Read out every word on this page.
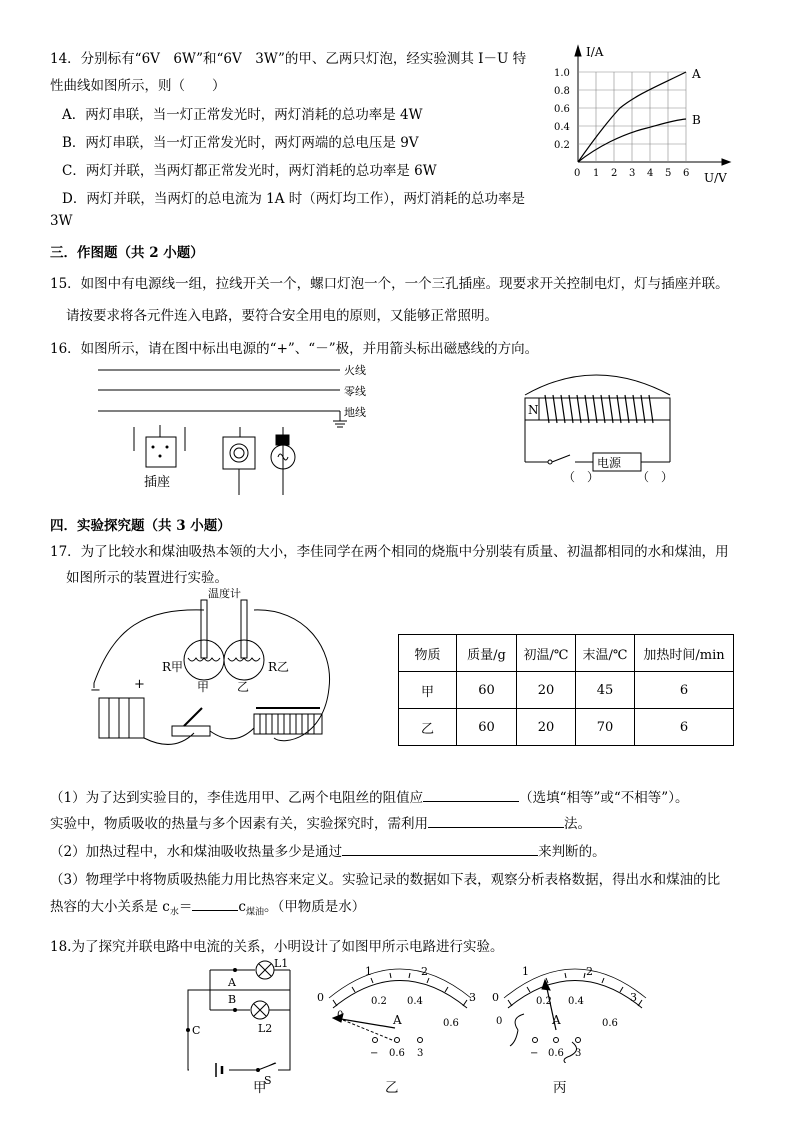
14．分别标有“6V　6W”和“6V　3W”的甲、乙两只灯泡，经实验测其 I－U 特
性曲线如图所示，则（　　）
A．两灯串联，当一灯正常发光时，两灯消耗的总功率是 4W
B．两灯串联，当一灯正常发光时，两灯两端的总电压是 9V
C．两灯并联，当两灯都正常发光时，两灯消耗的总功率是 6W
D．两灯并联，当两灯的总电流为 1A 时（两灯均工作），两灯消耗的总功率是
3W
I/A
U/V
1.0
0.8
0.6
0.4
0.2
0 1 2 3 4 5 6
A
B
三．作图题（共 2 小题）
15．如图中有电源线一组，拉线开关一个，螺口灯泡一个，一个三孔插座。现要求开关控制电灯，灯与插座并联。
请按要求将各元件连入电路，要符合安全用电的原则，又能够正常照明。
16．如图所示，请在图中标出电源的“+”、“－”极，并用箭头标出磁感线的方向。
火线
零线
地线
插座
N
电源
（　）	（　）
四．实验探究题（共 3 小题）
17．为了比较水和煤油吸热本领的大小，李佳同学在两个相同的烧瓶中分别装有质量、初温都相同的水和煤油，用
如图所示的装置进行实验。
温度计
R甲	R乙
甲 乙
−	+
物质	质量/g	初温/℃	末温/℃	加热时间/min
甲	60	20	45	6
乙	60	20	70	6
（1）为了达到实验目的，李佳选用甲、乙两个电阻丝的阻值应	（选填“相等”或“不相等”）。
实验中，物质吸收的热量与多个因素有关，实验探究时，需利用	法。
（2）加热过程中，水和煤油吸收热量多少是通过	来判断的。
（3）物理学中将物质吸热能力用比热容来定义。实验记录的数据如下表，观察分析表格数据，得出水和煤油的比
热容的大小关系是 $c_水=$	$c_{煤油}$。（甲物质是水）
18.为了探究并联电路中电流的关系，小明设计了如图甲所示电路进行实验。
L1
L2
A
B
C
S
0
1	2
3
0
0.2 0.4
0.6
A
− 0.6 3
0
1	2
3
0
0.2 0.4
0.6
A
− 0.6 3
甲	乙	丙
